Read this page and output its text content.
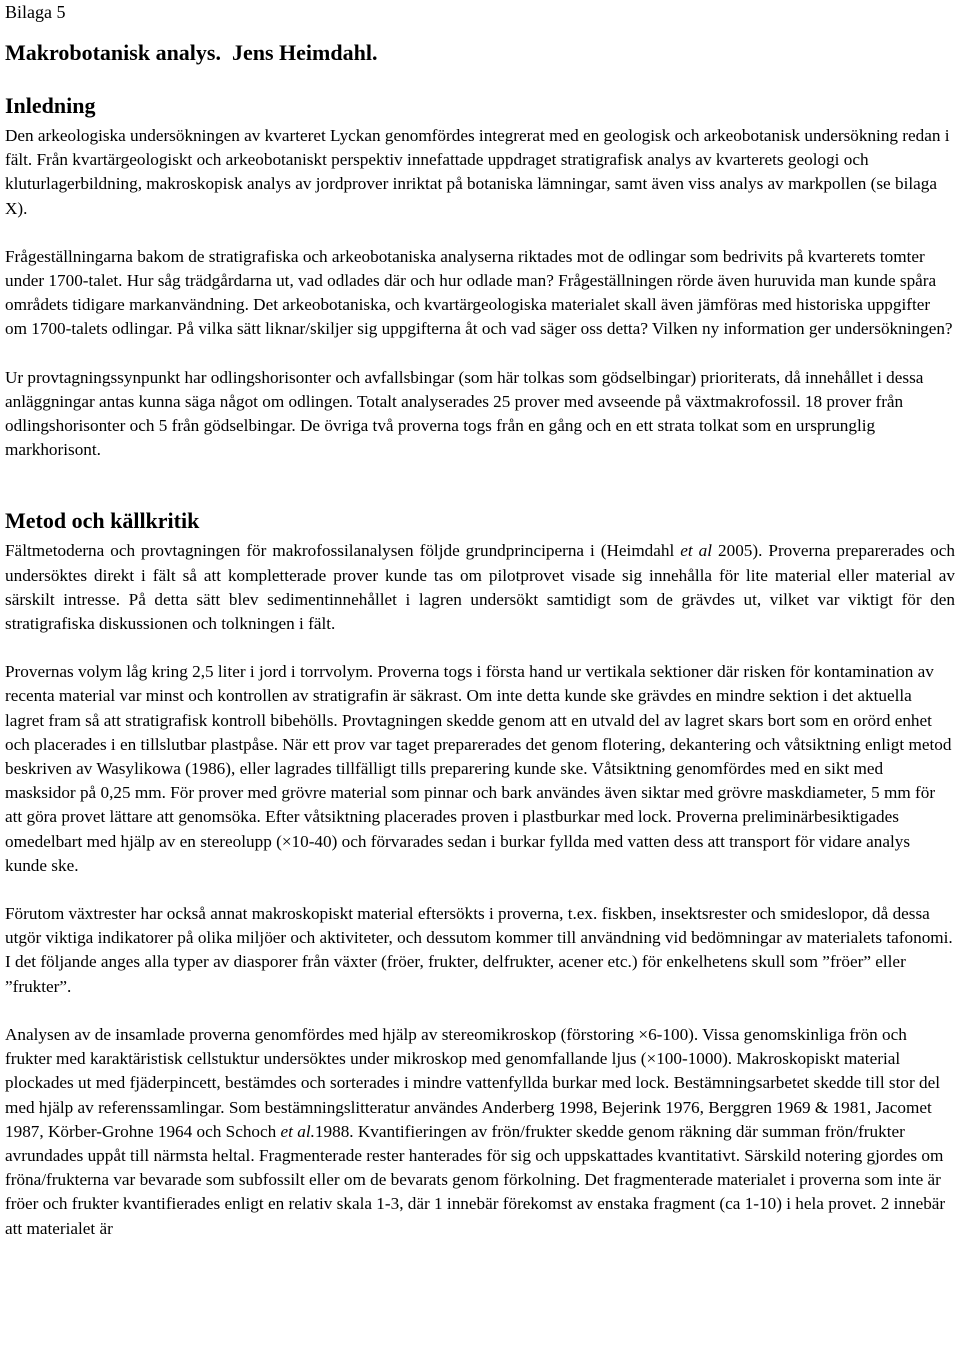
Bilaga 5

Makrobotanisk analys.  Jens Heimdahl.
Inledning

Den arkeologiska undersökningen av kvarteret Lyckan genomfördes integrerat med en geologisk och arkeobotanisk undersökning redan i fält. Från kvartärgeologiskt och arkeobotaniskt perspektiv innefattade uppdraget stratigrafisk analys av kvarterets geologi och kluturlagerbildning, makroskopisk analys av jordprover inriktat på botaniska lämningar, samt även viss analys av markpollen (se bilaga X).

Frågeställningarna bakom de stratigrafiska och arkeobotaniska analyserna riktades mot de odlingar som bedrivits på kvarterets tomter under 1700-talet. Hur såg trädgårdarna ut, vad odlades där och hur odlade man? Frågeställningen rörde även huruvida man kunde spåra områdets tidigare markanvändning. Det arkeobotaniska, och kvartärgeologiska materialet skall även jämföras med historiska uppgifter om 1700-talets odlingar. På vilka sätt liknar/skiljer sig uppgifterna åt och vad säger oss detta? Vilken ny information ger undersökningen?

Ur provtagningssynpunkt har odlingshorisonter och avfallsbingar (som här tolkas som gödselbingar) prioriterats, då innehållet i dessa anläggningar antas kunna säga något om odlingen. Totalt analyserades 25 prover med avseende på växtmakrofossil. 18 prover från odlingshorisonter och 5 från gödselbingar. De övriga två proverna togs från en gång och en ett strata tolkat som en ursprunglig markhorisont.

Metod och källkritik

Fältmetoderna och provtagningen för makrofossilanalysen följde grundprinciperna i (Heimdahl et al 2005). Proverna preparerades och undersöktes direkt i fält så att kompletterade prover kunde tas om pilotprovet visade sig innehålla för lite material eller material av särskilt intresse. På detta sätt blev sedimentinnehållet i lagren undersökt samtidigt som de grävdes ut, vilket var viktigt för den stratigrafiska diskussionen och tolkningen i fält.

Provernas volym låg kring 2,5 liter i jord i torrvolym. Proverna togs i första hand ur vertikala sektioner där risken för kontamination av recenta material var minst och kontrollen av stratigrafin är säkrast. Om inte detta kunde ske grävdes en mindre sektion i det aktuella lagret fram så att stratigrafisk kontroll bibehölls. Provtagningen skedde genom att en utvald del av lagret skars bort som en orörd enhet och placerades i en tillslutbar plastpåse. När ett prov var taget preparerades det genom flotering, dekantering och våtsiktning enligt metod beskriven av Wasylikowa (1986), eller lagrades tillfälligt tills preparering kunde ske. Våtsiktning genomfördes med en sikt med masksidor på 0,25 mm. För prover med grövre material som pinnar och bark användes även siktar med grövre maskdiameter, 5 mm för att göra provet lättare att genomsöka. Efter våtsiktning placerades proven i plastburkar med lock. Proverna preliminärbesiktigades omedelbart med hjälp av en stereolupp (×10-40) och förvarades sedan i burkar fyllda med vatten dess att transport för vidare analys kunde ske.

Förutom växtrester har också annat makroskopiskt material eftersökts i proverna, t.ex. fiskben, insektsrester och smideslopor, då dessa utgör viktiga indikatorer på olika miljöer och aktiviteter, och dessutom kommer till användning vid bedömningar av materialets tafonomi. I det följande anges alla typer av diasporer från växter (fröer, frukter, delfrukter, acener etc.) för enkelhetens skull som ”fröer” eller ”frukter”.

Analysen av de insamlade proverna genomfördes med hjälp av stereomikroskop (förstoring ×6-100). Vissa genomskinliga frön och frukter med karaktäristisk cellstuktur undersöktes under mikroskop med genomfallande ljus (×100-1000). Makroskopiskt material plockades ut med fjäderpincett, bestämdes och sorterades i mindre vattenfyllda burkar med lock. Bestämningsarbetet skedde till stor del med hjälp av referenssamlingar. Som bestämningslitteratur användes Anderberg 1998, Bejerink 1976, Berggren 1969 & 1981, Jacomet 1987, Körber-Grohne 1964 och Schoch et al.1988. Kvantifieringen av frön/frukter skedde genom räkning där summan frön/frukter avrundades uppåt till närmsta heltal. Fragmenterade rester hanterades för sig och uppskattades kvantitativt. Särskild notering gjordes om fröna/frukterna var bevarade som subfossilt eller om de bevarats genom förkolning. Det fragmenterade materialet i proverna som inte är fröer och frukter kvantifierades enligt en relativ skala 1-3, där 1 innebär förekomst av enstaka fragment (ca 1-10) i hela provet. 2 innebär att materialet är
